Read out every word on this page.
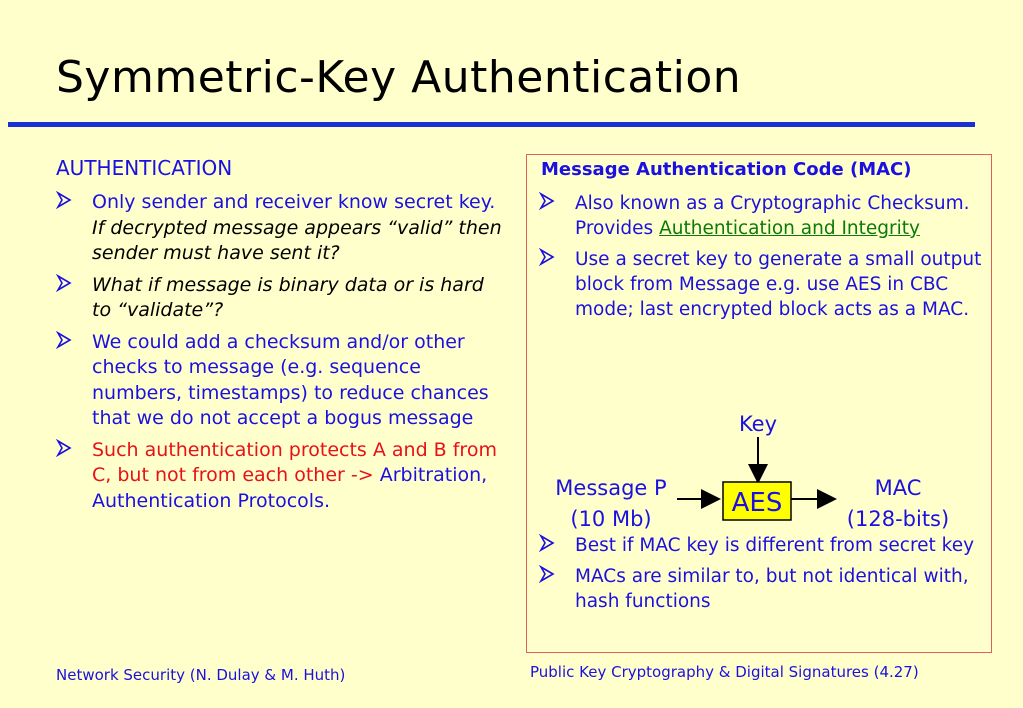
Symmetric-Key Authentication
AUTHENTICATION
Only sender and receiver know secret key. If decrypted message appears “valid” then sender must have sent it?
What if message is binary data or is hard to “validate”?
We could add a checksum and/or other checks to message (e.g. sequence numbers, timestamps) to reduce chances that we do not accept a bogus message
Such authentication protects A and B from C, but not from each other -> Arbitration, Authentication Protocols.
Message Authentication Code (MAC)
Also known as a Cryptographic Checksum. Provides Authentication and Integrity
Use a secret key to generate a small output block from Message e.g. use AES in CBC mode; last encrypted block acts as a MAC.
Key
Message P
(10 Mb)
AES	MAC
(128-bits)
Best if MAC key is different from secret key
MACs are similar to, but not identical with, hash functions
Network Security (N. Dulay & M. Huth)	Public Key Cryptography & Digital Signatures (4.27)
